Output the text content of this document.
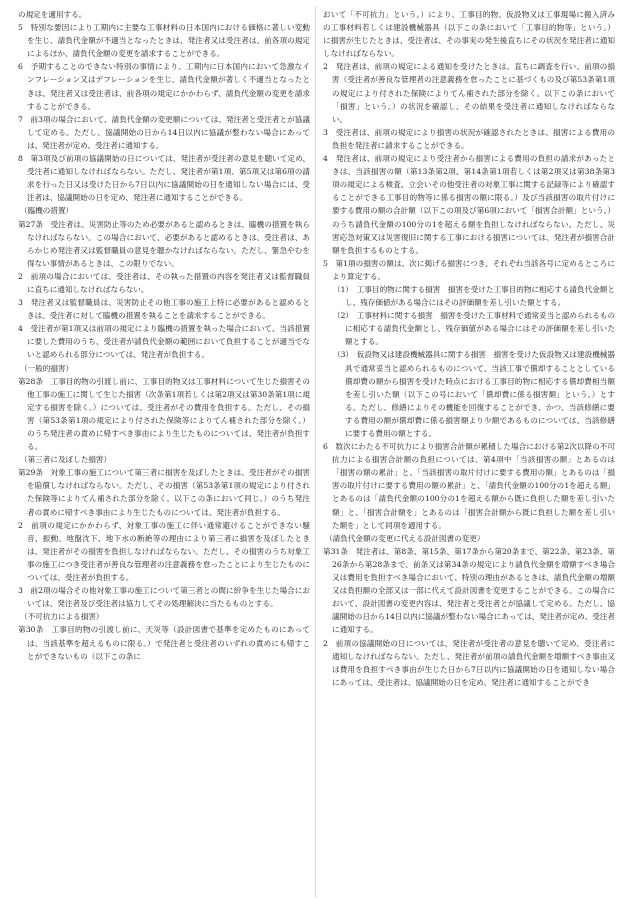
の規定を適用する。

5　特別な要因により工期内に主要な工事材料の日本国内における価格に著しい変動を生じ、請負代金額が不適当となったときは、発注者又は受注者は、前各項の規定によるほか、請負代金額の変更を請求することができる。

6　予期することのできない特別の事情により、工期内に日本国内において急激なインフレーション又はデフレーションを生じ、請負代金額が著しく不適当となったときは、発注者又は受注者は、前各項の規定にかかわらず、請負代金額の変更を請求することができる。

7　前3項の場合において、請負代金額の変更額については、発注者と受注者とが協議して定める。ただし、協議開始の日から14日以内に協議が整わない場合にあっては、発注者が定め、受注者に通知する。

8　第3項及び前項の協議開始の日については、発注者が受注者の意見を聴いて定め、受注者に通知しなければならない。ただし、発注者が第1項、第5項又は第6項の請求を行った日又は受けた日から7日以内に協議開始の日を通知しない場合には、受注者は、協議開始の日を定め、発注者に通知することができる。

（臨機の措置）

第27条　受注者は、災害防止等のため必要があると認めるときは、臨機の措置を執らなければならない。この場合において、必要があると認めるときは、受注者は、あらかじめ発注者又は監督職員の意見を聴かなければならない。ただし、緊急やむを得ない事情があるときは、この限りでない。

2　前項の場合においては、受注者は、その執った措置の内容を発注者又は監督職員に直ちに通知しなければならない。

3　発注者又は監督職員は、災害防止その他工事の施工上特に必要があると認めるときは、受注者に対して臨機の措置を執ることを請求することができる。

4　受注者が第1項又は前項の規定により臨機の措置を執った場合において、当該措置に要した費用のうち、受注者が請負代金額の範囲において負担することが適当でないと認められる部分については、発注者が負担する。

（一般的損害）

第28条　工事目的物の引渡し前に、工事目的物又は工事材料について生じた損害その他工事の施工に関して生じた損害（次条第1項若しくは第2項又は第30条第1項に規定する損害を除く。）については、受注者がその費用を負担する。ただし、その損害（第53条第1項の規定により付された保険等によりてん補された部分を除く。）のうち発注者の責めに帰すべき事由により生じたものについては、発注者が負担する。

（第三者に及ぼした損害）

第29条　対象工事の施工について第三者に損害を及ぼしたときは、受注者がその損害を賠償しなければならない。ただし、その損害（第53条第1項の規定により付された保険等によりてん補された部分を除く。以下この条において同じ。）のうち発注者の責めに帰すべき事由により生じたものについては、発注者が負担する。

2　前項の規定にかかわらず、対象工事の施工に伴い通常避けることができない騒音、振動、地盤沈下、地下水の断絶等の理由により第三者に損害を及ぼしたときは、発注者がその損害を負担しなければならない。ただし、その損害のうち対象工事の施工につき受注者が善良な管理者の注意義務を怠ったことにより生じたものについては、受注者が負担する。

3　前2項の場合その他対象工事の施工について第三者との間に紛争を生じた場合においては、発注者及び受注者は協力してその処理解決に当たるものとする。

（不可抗力による損害）

第30条　工事目的物の引渡し前に、天災等（設計図書で基準を定めたものにあっては、当該基準を超えるものに限る。）で発注者と受注者のいずれの責めにも帰すことができないもの（以下この条に

おいて「不可抗力」という。）により、工事目的物、仮設物又は工事現場に搬入済みの工事材料若しくは建設機械器具（以下この条において「工事目的物等」という。）に損害が生じたときは、受注者は、その事実の発生後直ちにその状況を発注者に通知しなければならない。

2　発注者は、前項の規定による通知を受けたときは、直ちに調査を行い、前項の損害（受注者が善良な管理者の注意義務を怠ったことに基づくもの及び第53条第1項の規定により付された保険によりてん補された部分を除く。以下この条において「損害」という。）の状況を確認し、その結果を受注者に通知しなければならない。

3　受注者は、前項の規定により損害の状況が確認されたときは、損害による費用の負担を発注者に請求することができる。

4　発注者は、前項の規定により受注者から損害による費用の負担の請求があったときは、当該損害の額（第13条第2項、第14条第1項若しくは第2項又は第38条第3項の規定による検査、立会いその他受注者の対象工事に関する記録等により確認することができる工事目的物等に係る損害の額に限る。）及び当該損害の取片付けに要する費用の額の合計額（以下この項及び第6項において「損害合計額」という。）のうち請負代金額の100分の1を超える額を負担しなければならない。ただし、災害応急対策又は災害復旧に関する工事における損害については、発注者が損害合計額を負担するものとする。

5　第1項の損害の額は、次に掲げる損害につき、それぞれ当該各号に定めるところにより算定する。

（1）　工事目的物に関する損害　損害を受けた工事目的物に相応する請負代金額とし、残存価値がある場合にはその評価額を差し引いた額とする。

（2）　工事材料に関する損害　損害を受けた工事材料で通常妥当と認められるものに相応する請負代金額とし、残存価値がある場合にはその評価額を差し引いた額とする。

（3）　仮設物又は建設機械器具に関する損害　損害を受けた仮設物又は建設機械器具で通常妥当と認められるものについて、当該工事で償却することとしている償却費の額から損害を受けた時点における工事目的物に相応する償却費相当額を差し引いた額（以下この号において「償却費に係る損害額」という。）とする。ただし、修繕によりその機能を回復することができ、かつ、当該修繕に要する費用の額が償却費に係る損害額より少額であるものについては、当該修繕に要する費用の額とする。

6　数次にわたる不可抗力により損害合計額が累積した場合における第2次以降の不可抗力による損害合計額の負担については、第4項中「当該損害の額」とあるのは「損害の額の累計」と、「当該損害の取片付けに要する費用の額」とあるのは「損害の取片付けに要する費用の額の累計」と、「請負代金額の100分の1を超える額」とあるのは「請負代金額の100分の1を超える額から既に負担した額を差し引いた額」と、「損害合計額を」とあるのは「損害合計額から既に負担した額を差し引いた額を」として同項を適用する。

（請負代金額の変更に代える設計図書の変更）

第31条　発注者は、第8条、第15条、第17条から第20条まで、第22条、第23条、第26条から第28条まで、前条又は第34条の規定により請負代金額を増額すべき場合又は費用を負担すべき場合において、特別の理由があるときは、請負代金額の増額又は負担額の全部又は一部に代えて設計図書を変更することができる。この場合において、設計図書の変更内容は、発注者と受注者とが協議して定める。ただし、協議開始の日から14日以内に協議が整わない場合にあっては、発注者が定め、受注者に通知する。

2　前項の協議開始の日については、発注者が受注者の意見を聴いて定め、受注者に通知しなければならない。ただし、発注者が前項の請負代金額を増額すべき事由又は費用を負担すべき事由が生じた日から7日以内に協議開始の日を通知しない場合にあっては、受注者は、協議開始の日を定め、発注者に通知することができ
